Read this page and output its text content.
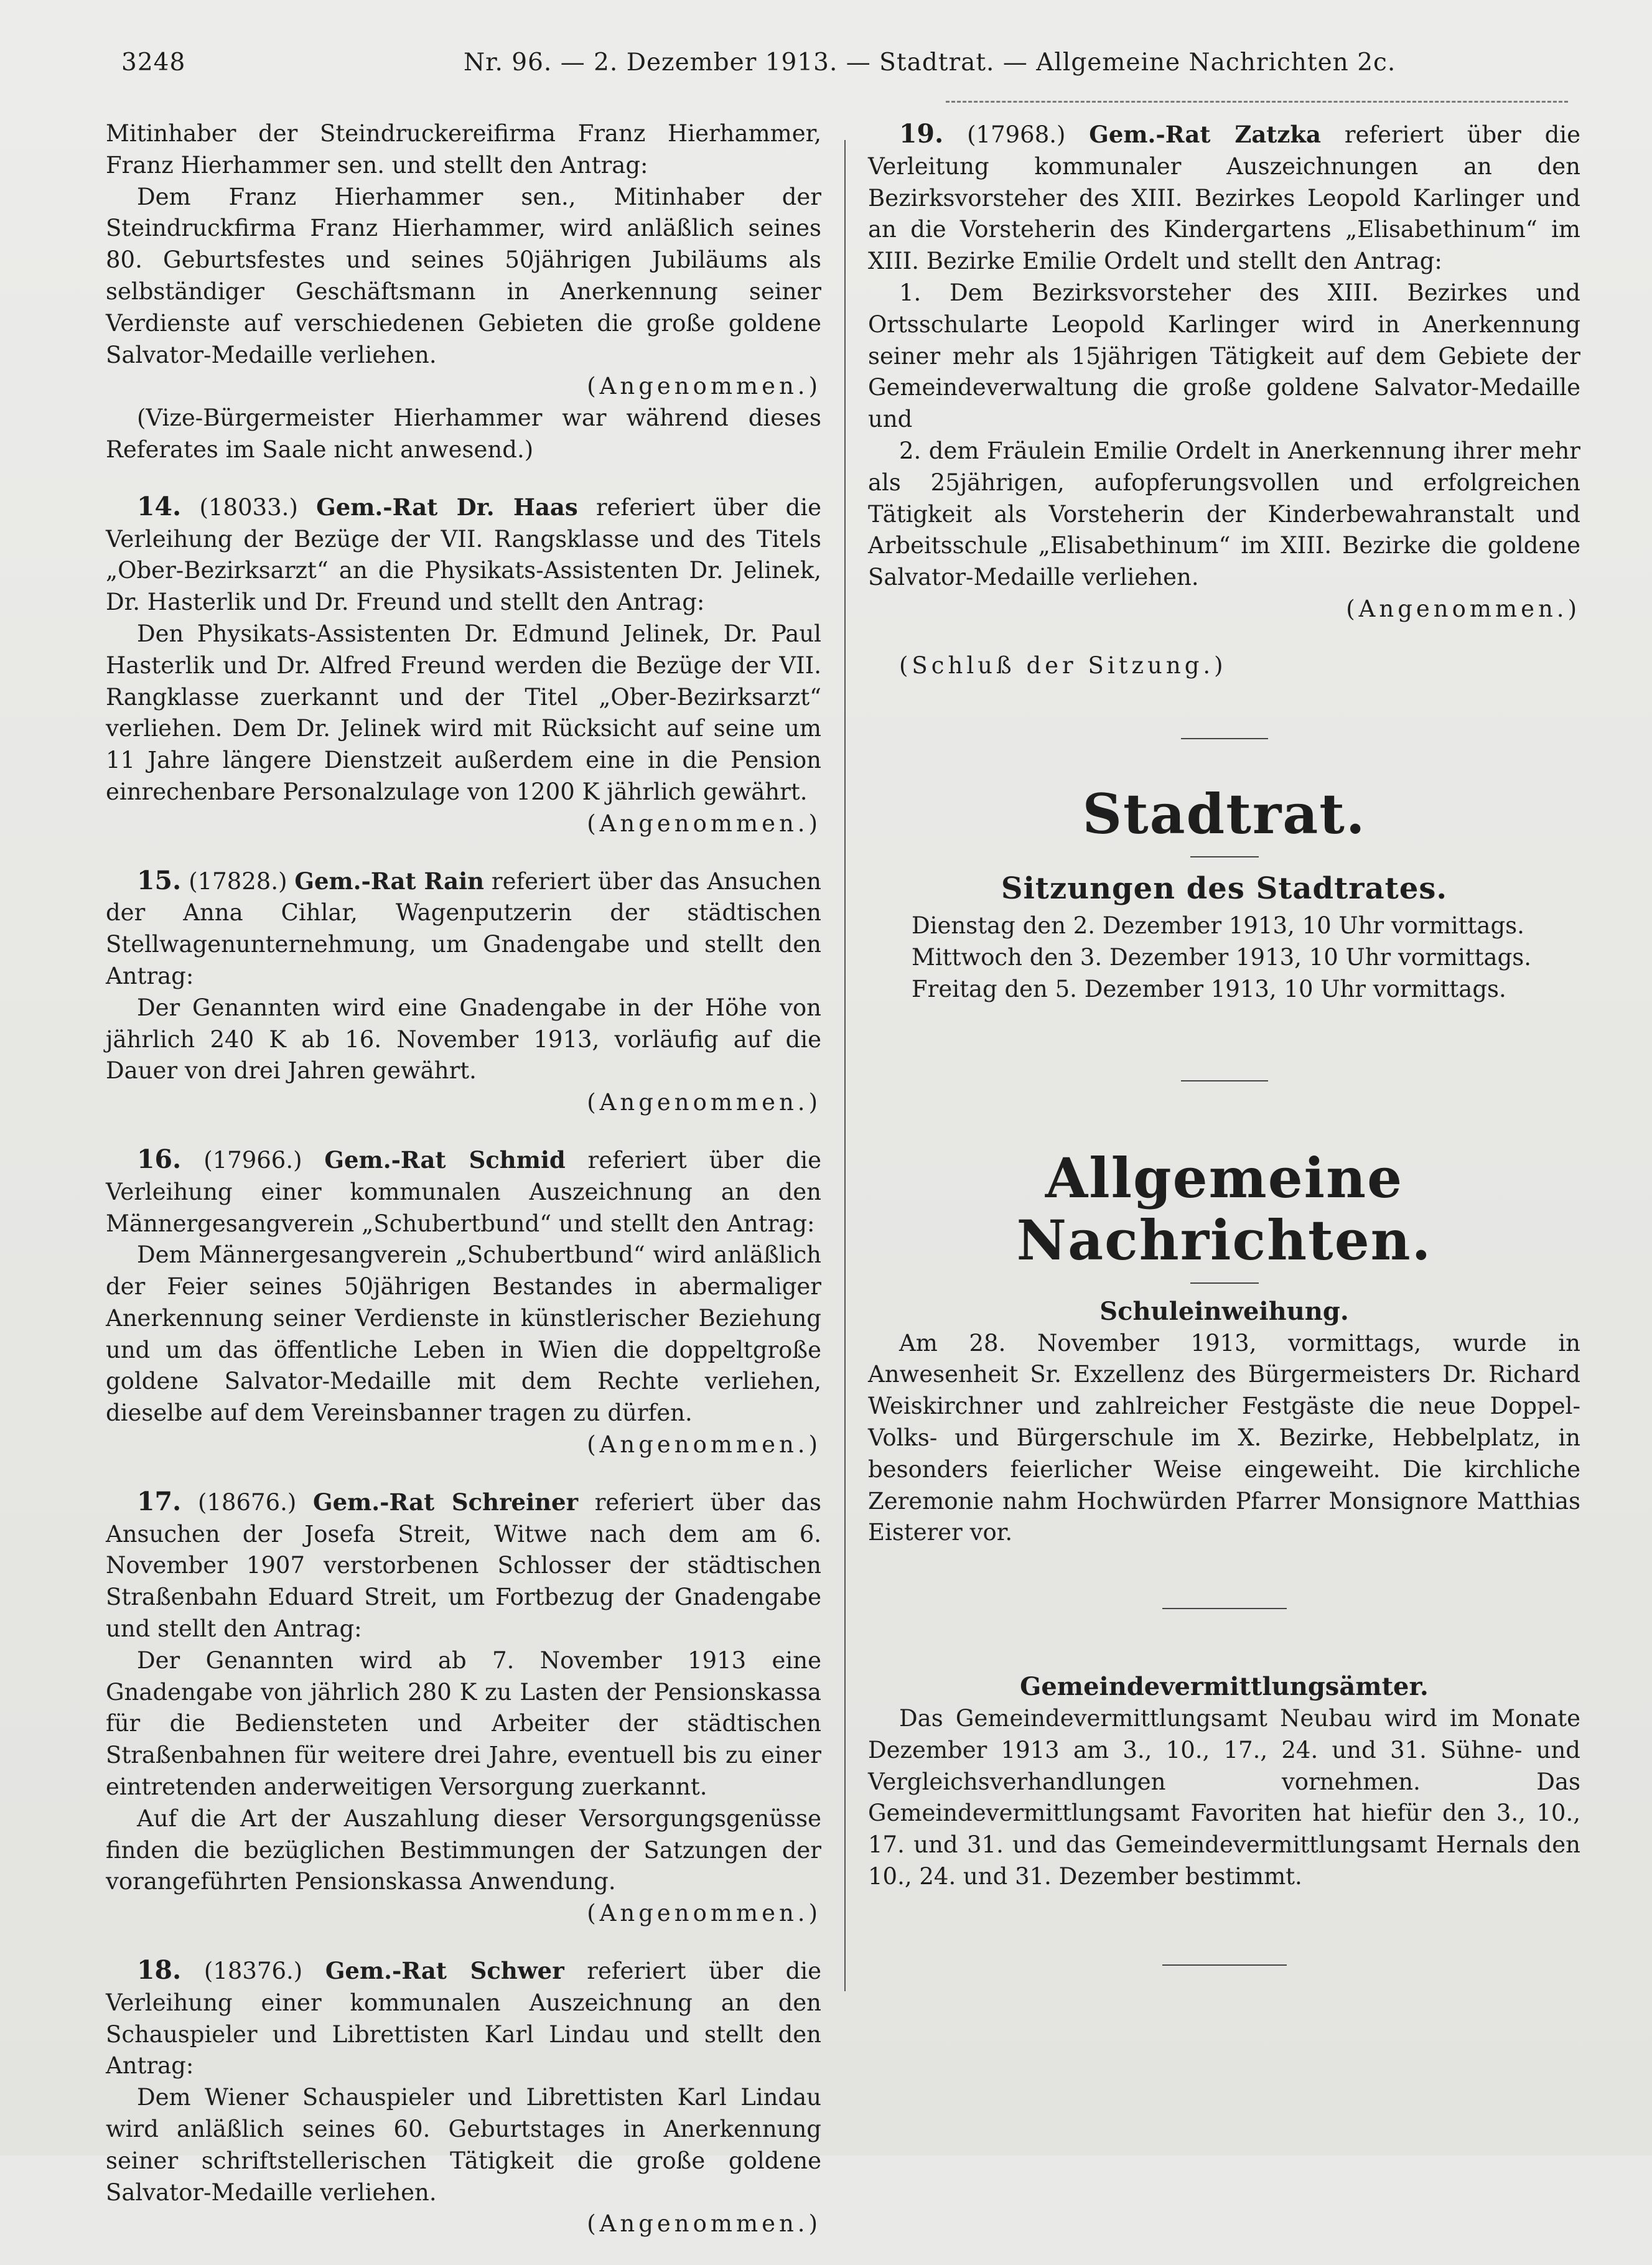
3248	Nr. 96. — 2. Dezember 1913. — Stadtrat. — Allgemeine Nachrichten 2c.

Mitinhaber der Steindruckereifirma Franz Hierhammer, Franz Hierhammer sen. und stellt den Antrag:

Dem Franz Hierhammer sen., Mitinhaber der Steindruckfirma Franz Hierhammer, wird anläßlich seines 80. Geburtsfestes und seines 50jährigen Jubiläums als selbständiger Geschäftsmann in Anerkennung seiner Verdienste auf verschiedenen Gebieten die große goldene Salvator-Medaille verliehen.

(Angenommen.)

(Vize-Bürgermeister Hierhammer war während dieses Referates im Saale nicht anwesend.)

14. (18033.) Gem.-Rat Dr. Haas referiert über die Verleihung der Bezüge der VII. Rangsklasse und des Titels „Ober-Bezirksarzt“ an die Physikats-Assistenten Dr. Jelinek, Dr. Hasterlik und Dr. Freund und stellt den Antrag:

Den Physikats-Assistenten Dr. Edmund Jelinek, Dr. Paul Hasterlik und Dr. Alfred Freund werden die Bezüge der VII. Rangklasse zuerkannt und der Titel „Ober-Bezirksarzt“ verliehen. Dem Dr. Jelinek wird mit Rücksicht auf seine um 11 Jahre längere Dienstzeit außerdem eine in die Pension einrechenbare Personalzulage von 1200 K jährlich gewährt.

(Angenommen.)

15. (17828.) Gem.-Rat Rain referiert über das Ansuchen der Anna Cihlar, Wagenputzerin der städtischen Stellwagenunternehmung, um Gnadengabe und stellt den Antrag:

Der Genannten wird eine Gnadengabe in der Höhe von jährlich 240 K ab 16. November 1913, vorläufig auf die Dauer von drei Jahren gewährt.

(Angenommen.)

16. (17966.) Gem.-Rat Schmid referiert über die Verleihung einer kommunalen Auszeichnung an den Männergesangverein „Schubertbund“ und stellt den Antrag:

Dem Männergesangverein „Schubertbund“ wird anläßlich der Feier seines 50jährigen Bestandes in abermaliger Anerkennung seiner Verdienste in künstlerischer Beziehung und um das öffentliche Leben in Wien die doppeltgroße goldene Salvator-Medaille mit dem Rechte verliehen, dieselbe auf dem Vereinsbanner tragen zu dürfen.

(Angenommen.)

17. (18676.) Gem.-Rat Schreiner referiert über das Ansuchen der Josefa Streit, Witwe nach dem am 6. November 1907 verstorbenen Schlosser der städtischen Straßenbahn Eduard Streit, um Fortbezug der Gnadengabe und stellt den Antrag:

Der Genannten wird ab 7. November 1913 eine Gnadengabe von jährlich 280 K zu Lasten der Pensionskassa für die Bediensteten und Arbeiter der städtischen Straßenbahnen für weitere drei Jahre, eventuell bis zu einer eintretenden anderweitigen Versorgung zuerkannt.

Auf die Art der Auszahlung dieser Versorgungsgenüsse finden die bezüglichen Bestimmungen der Satzungen der vorangeführten Pensionskassa Anwendung.

(Angenommen.)

18. (18376.) Gem.-Rat Schwer referiert über die Verleihung einer kommunalen Auszeichnung an den Schauspieler und Librettisten Karl Lindau und stellt den Antrag:

Dem Wiener Schauspieler und Librettisten Karl Lindau wird anläßlich seines 60. Geburtstages in Anerkennung seiner schriftstellerischen Tätigkeit die große goldene Salvator-Medaille verliehen.

(Angenommen.)

19. (17968.) Gem.-Rat Zatzka referiert über die Verleitung kommunaler Auszeichnungen an den Bezirksvorsteher des XIII. Bezirkes Leopold Karlinger und an die Vorsteherin des Kindergartens „Elisabethinum“ im XIII. Bezirke Emilie Ordelt und stellt den Antrag:

1. Dem Bezirksvorsteher des XIII. Bezirkes und Ortsschularte Leopold Karlinger wird in Anerkennung seiner mehr als 15jährigen Tätigkeit auf dem Gebiete der Gemeindeverwaltung die große goldene Salvator-Medaille und

2. dem Fräulein Emilie Ordelt in Anerkennung ihrer mehr als 25jährigen, aufopferungsvollen und erfolgreichen Tätigkeit als Vorsteherin der Kinderbewahranstalt und Arbeitsschule „Elisabethinum“ im XIII. Bezirke die goldene Salvator-Medaille verliehen.

(Angenommen.)

(Schluß der Sitzung.)

Stadtrat.
Sitzungen des Stadtrates.

Dienstag den 2. Dezember 1913, 10 Uhr vormittags.

Mittwoch den 3. Dezember 1913, 10 Uhr vormittags.

Freitag den 5. Dezember 1913, 10 Uhr vormittags.

Allgemeine Nachrichten.
Schuleinweihung.

Am 28. November 1913, vormittags, wurde in Anwesenheit Sr. Exzellenz des Bürgermeisters Dr. Richard Weiskirchner und zahlreicher Festgäste die neue Doppel-Volks- und Bürgerschule im X. Bezirke, Hebbelplatz, in besonders feierlicher Weise eingeweiht. Die kirchliche Zeremonie nahm Hochwürden Pfarrer Monsignore Matthias Eisterer vor.

Gemeindevermittlungsämter.

Das Gemeindevermittlungsamt Neubau wird im Monate Dezember 1913 am 3., 10., 17., 24. und 31. Sühne- und Vergleichsverhandlungen vornehmen. Das Gemeindevermittlungsamt Favoriten hat hiefür den 3., 10., 17. und 31. und das Gemeindevermittlungsamt Hernals den 10., 24. und 31. Dezember bestimmt.
